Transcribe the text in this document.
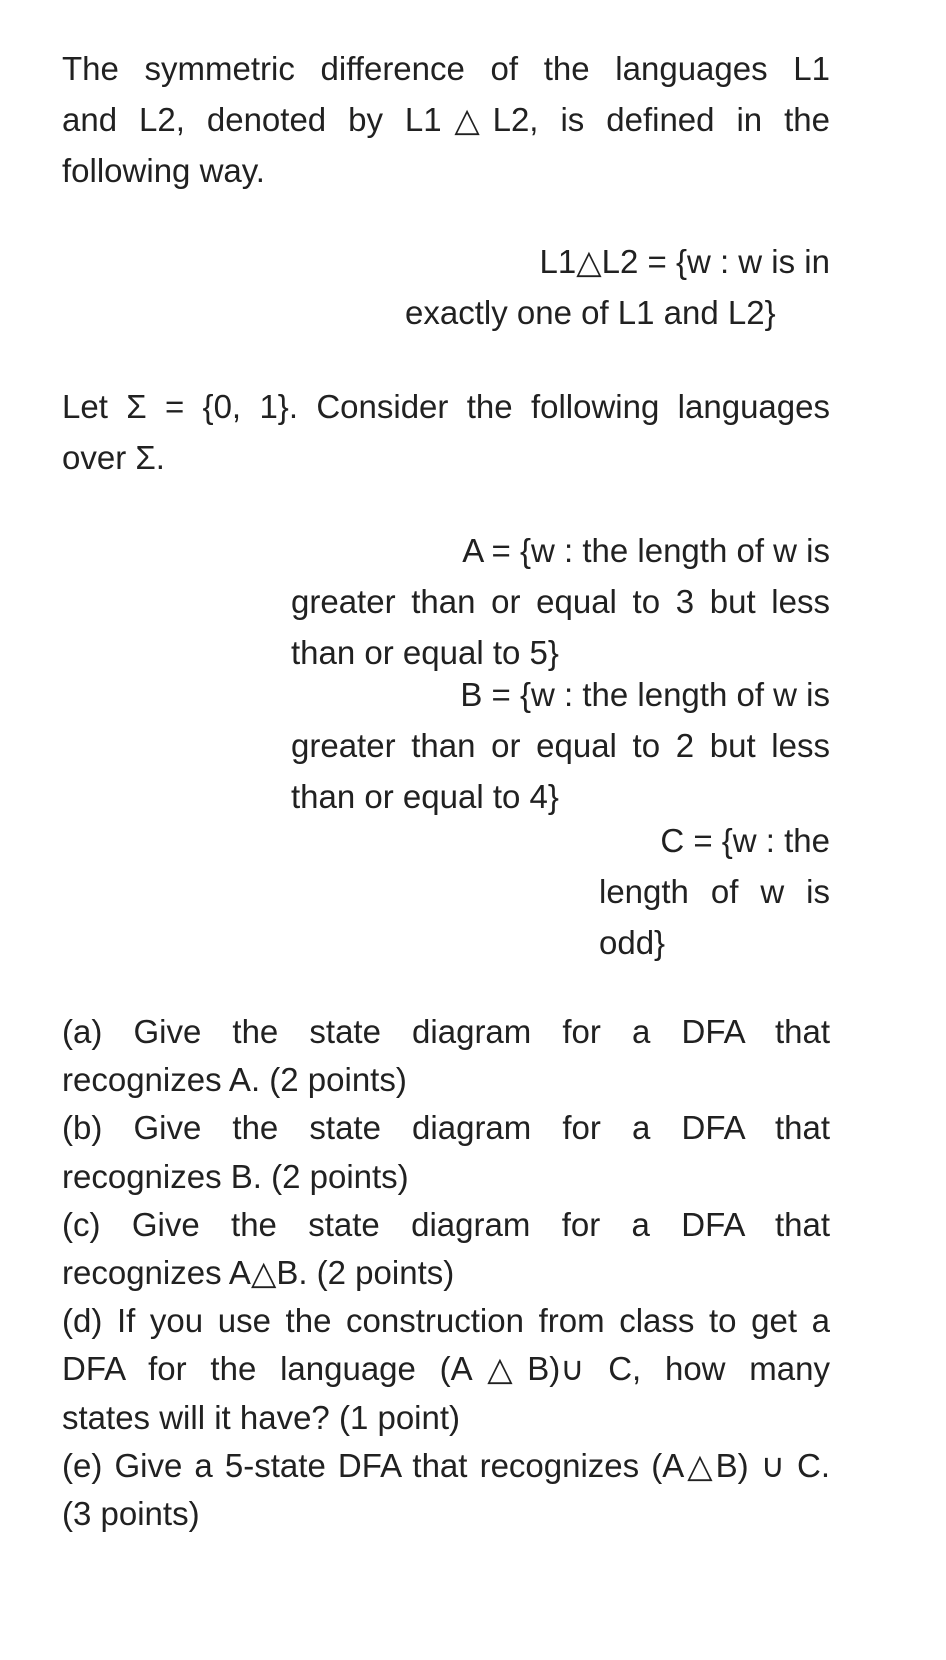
The symmetric difference of the languages L1
and L2, denoted by L1△L2, is defined in the
following way.
L1△L2 = {w : w is in
exactly one of L1 and L2}
Let Σ = {0, 1}. Consider the following languages
over Σ.
A = {w : the length of w is
greater than or equal to 3 but less
than or equal to 5}
B = {w : the length of w is
greater than or equal to 2 but less
than or equal to 4}
C = {w : the
length of w is
odd}
(a) Give the state diagram for a DFA that
recognizes A. (2 points)
(b) Give the state diagram for a DFA that
recognizes B. (2 points)
(c) Give the state diagram for a DFA that
recognizes A△B. (2 points)
(d) If you use the construction from class to get a
DFA for the language (A△B)∪ C, how many
states will it have? (1 point)
(e) Give a 5-state DFA that recognizes (A△B) ∪ C.
(3 points)
